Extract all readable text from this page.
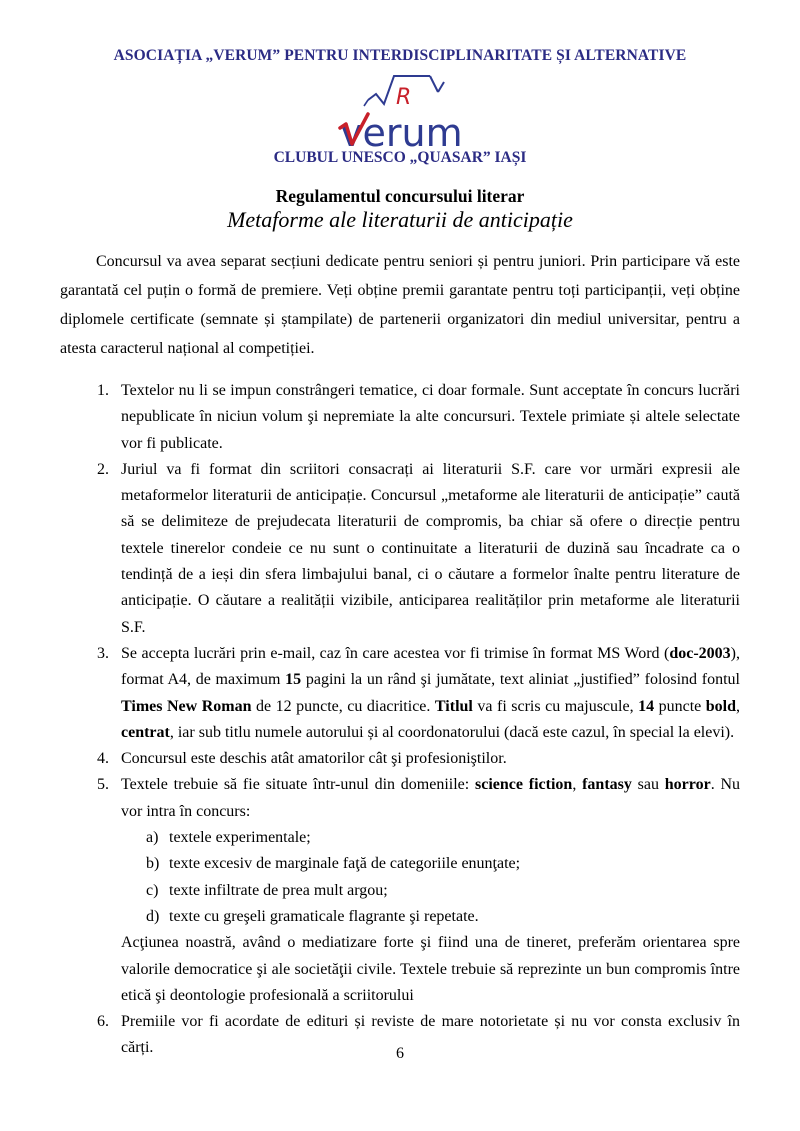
ASOCIAȚIA „VERUM” PENTRU INTERDISCIPLINARITATE ȘI ALTERNATIVE
R
verum
CLUBUL UNESCO „QUASAR” IAȘI
Regulamentul concursului literar
Metaforme ale literaturii de anticipație

Concursul va avea separat secțiuni dedicate pentru seniori și pentru juniori. Prin participare vă este garantată cel puțin o formă de premiere. Veți obține premii garantate pentru toți participanții, veți obține diplomele certificate (semnate și ștampilate) de partenerii organizatori din mediul universitar, pentru a atesta caracterul național al competiției.

1. Textelor nu li se impun constrângeri tematice, ci doar formale. Sunt acceptate în concurs lucrări nepublicate în niciun volum şi nepremiate la alte concursuri. Textele primiate și altele selectate vor fi publicate.
2. Juriul va fi format din scriitori consacrați ai literaturii S.F. care vor urmări expresii ale metaformelor literaturii de anticipație. Concursul „metaforme ale literaturii de anticipație” caută să se delimiteze de prejudecata literaturii de compromis, ba chiar să ofere o direcție pentru textele tinerelor condeie ce nu sunt o continuitate a literaturii de duzină sau încadrate ca o tendință de a ieși din sfera limbajului banal, ci o căutare a formelor înalte pentru literature de anticipație. O căutare a realității vizibile, anticiparea realităților prin metaforme ale literaturii S.F.
3. Se accepta lucrări prin e-mail, caz în care acestea vor fi trimise în format MS Word (doc-2003), format A4, de maximum 15 pagini la un rând şi jumătate, text aliniat „justified” folosind fontul Times New Roman de 12 puncte, cu diacritice. Titlul va fi scris cu majuscule, 14 puncte bold, centrat, iar sub titlu numele autorului și al coordonatorului (dacă este cazul, în special la elevi).
4. Concursul este deschis atât amatorilor cât şi profesioniştilor.
5. Textele trebuie să fie situate într-unul din domeniile: science fiction, fantasy sau horror. Nu vor intra în concurs:
a) textele experimentale;
b) texte excesiv de marginale faţă de categoriile enunţate;
c) texte infiltrate de prea mult argou;
d) texte cu greşeli gramaticale flagrante şi repetate.
Acţiunea noastră, având o mediatizare forte şi fiind una de tineret, preferăm orientarea spre valorile democratice şi ale societăţii civile. Textele trebuie să reprezinte un bun compromis între etică şi deontologie profesională a scriitorului
6. Premiile vor fi acordate de edituri și reviste de mare notorietate și nu vor consta exclusiv în cărți.	6
